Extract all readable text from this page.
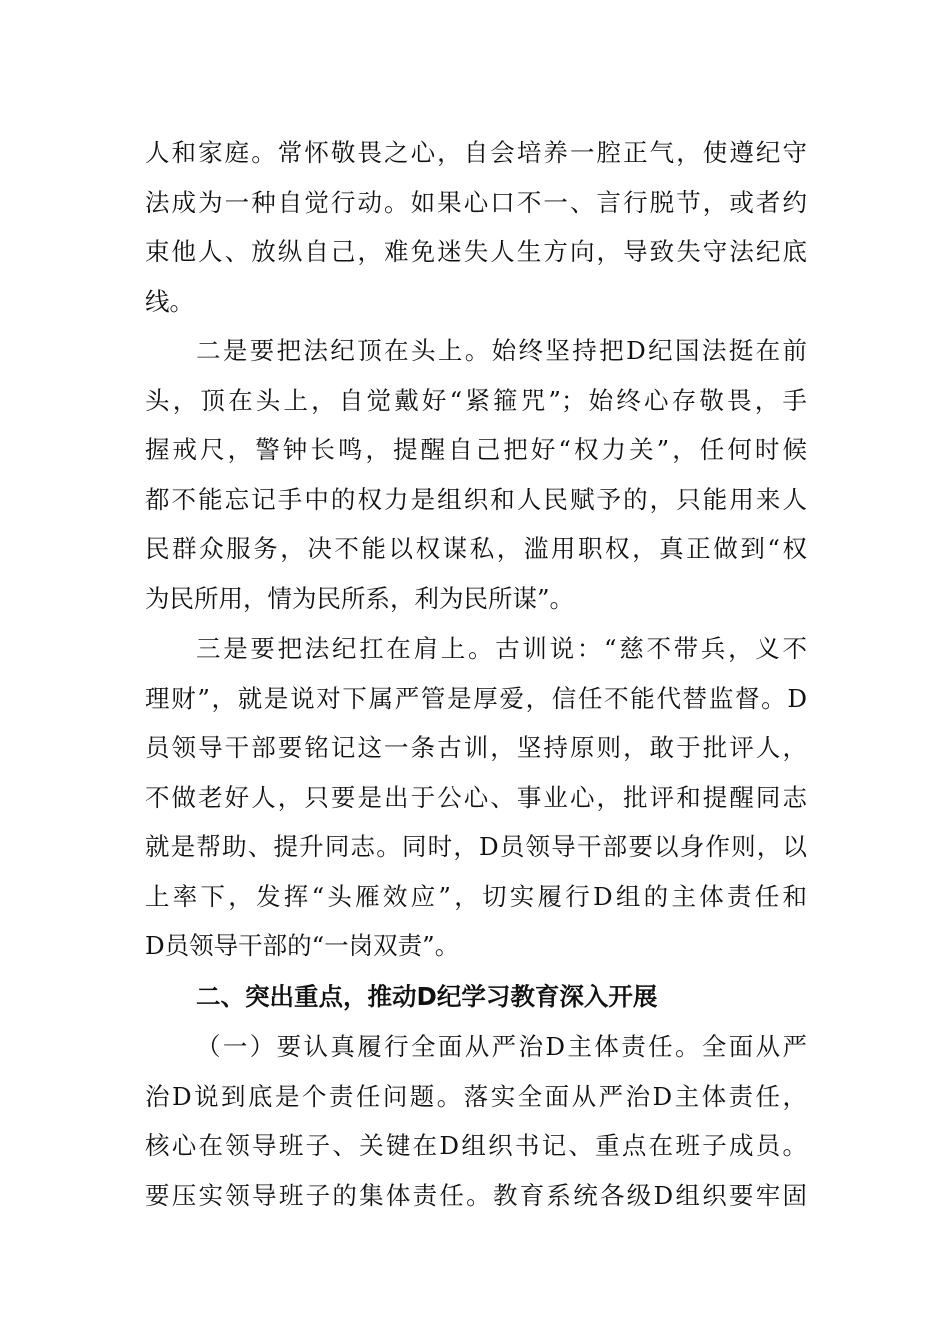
人和家庭。常怀敬畏之心，自会培养一腔正气，使遵纪守
法成为一种自觉行动。如果心口不一、言行脱节，或者约
束他人、放纵自己，难免迷失人生方向，导致失守法纪底
线。
二是要把法纪顶在头上。始终坚持把D纪国法挺在前
头，顶在头上，自觉戴好“紧箍咒”；始终心存敬畏，手
握戒尺，警钟长鸣，提醒自己把好“权力关”，任何时候
都不能忘记手中的权力是组织和人民赋予的，只能用来人
民群众服务，决不能以权谋私，滥用职权，真正做到“权
为民所用，情为民所系，利为民所谋”。
三是要把法纪扛在肩上。古训说：“慈不带兵，义不
理财”，就是说对下属严管是厚爱，信任不能代替监督。D
员领导干部要铭记这一条古训，坚持原则，敢于批评人，
不做老好人，只要是出于公心、事业心，批评和提醒同志
就是帮助、提升同志。同时，D员领导干部要以身作则，以
上率下，发挥“头雁效应”，切实履行D组的主体责任和
D员领导干部的“一岗双责”。
二、突出重点，推动D纪学习教育深入开展
（一）要认真履行全面从严治D主体责任。全面从严
治D说到底是个责任问题。落实全面从严治D主体责任，
核心在领导班子、关键在D组织书记、重点在班子成员。
要压实领导班子的集体责任。教育系统各级D组织要牢固
